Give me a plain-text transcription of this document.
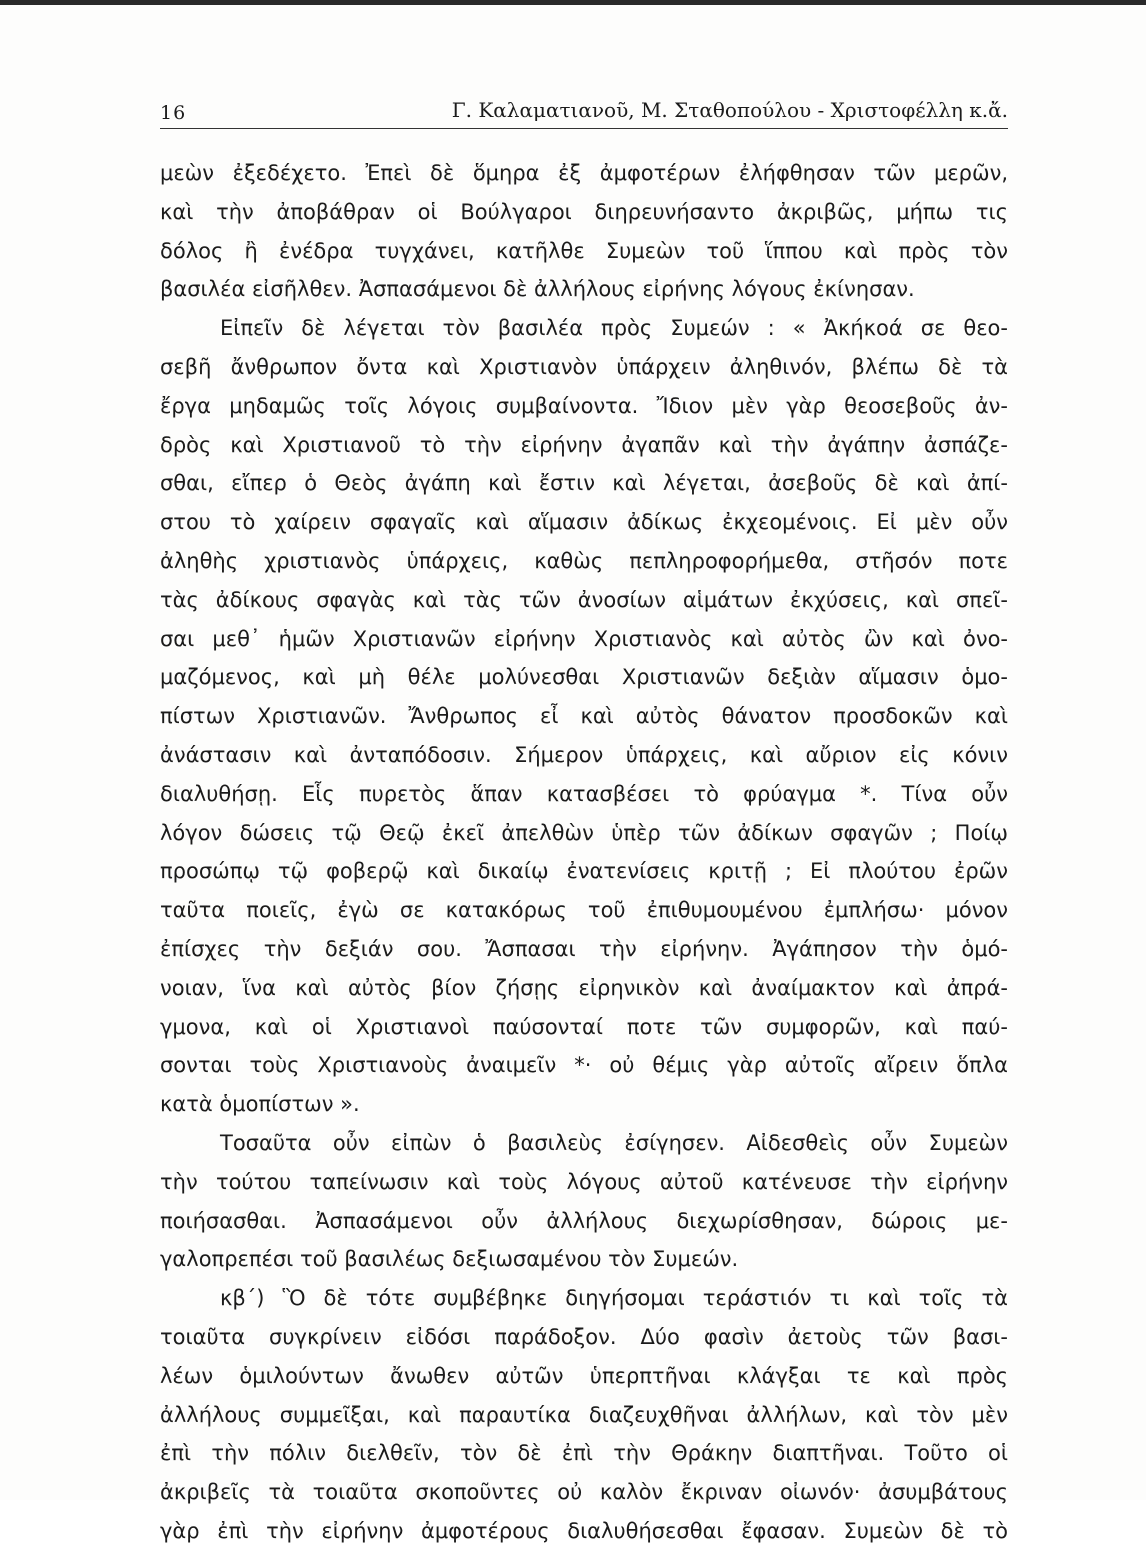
16	Γ. Καλαματιανοῦ, Μ. Σταθοπούλου - Χριστοφέλλη κ.ἄ.
μεὼν ἐξεδέχετο. Ἐπεὶ δὲ ὅμηρα ἐξ ἀμφοτέρων ἐλήφθησαν τῶν μερῶν,
καὶ τὴν ἀποβάθραν οἱ Βούλγαροι διηρευνήσαντο ἀκριβῶς, μήπω τις
δόλος ἢ ἐνέδρα τυγχάνει, κατῆλθε Συμεὼν τοῦ ἵππου καὶ πρὸς τὸν
βασιλέα εἰσῆλθεν. Ἀσπασάμενοι δὲ ἀλλήλους εἰρήνης λόγους ἐκίνησαν.
Εἰπεῖν δὲ λέγεται τὸν βασιλέα πρὸς Συμεών : « Ἀκήκοά σε θεο-
σεβῆ ἄνθρωπον ὄντα καὶ Χριστιανὸν ὑπάρχειν ἀληθινόν, βλέπω δὲ τὰ
ἔργα μηδαμῶς τοῖς λόγοις συμβαίνοντα. Ἴδιον μὲν γὰρ θεοσεβοῦς ἀν-
δρὸς καὶ Χριστιανοῦ τὸ τὴν εἰρήνην ἀγαπᾶν καὶ τὴν ἀγάπην ἀσπάζε-
σθαι, εἴπερ ὁ Θεὸς ἀγάπη καὶ ἔστιν καὶ λέγεται, ἀσεβοῦς δὲ καὶ ἀπί-
στου τὸ χαίρειν σφαγαῖς καὶ αἵμασιν ἀδίκως ἐκχεομένοις. Εἰ μὲν οὖν
ἀληθὴς χριστιανὸς ὑπάρχεις, καθὼς πεπληροφορήμεθα, στῆσόν ποτε
τὰς ἀδίκους σφαγὰς καὶ τὰς τῶν ἀνοσίων αἱμάτων ἐκχύσεις, καὶ σπεῖ-
σαι μεθ᾿ ἡμῶν Χριστιανῶν εἰρήνην Χριστιανὸς καὶ αὐτὸς ὢν καὶ ὀνο-
μαζόμενος, καὶ μὴ θέλε μολύνεσθαι Χριστιανῶν δεξιὰν αἵμασιν ὁμο-
πίστων Χριστιανῶν. Ἄνθρωπος εἶ καὶ αὐτὸς θάνατον προσδοκῶν καὶ
ἀνάστασιν καὶ ἀνταπόδοσιν. Σήμερον ὑπάρχεις, καὶ αὔριον εἰς κόνιν
διαλυθήσῃ. Εἷς πυρετὸς ἅπαν κατασβέσει τὸ φρύαγμα *. Τίνα οὖν
λόγον δώσεις τῷ Θεῷ ἐκεῖ ἀπελθὼν ὑπὲρ τῶν ἀδίκων σφαγῶν ; Ποίῳ
προσώπῳ τῷ φοβερῷ καὶ δικαίῳ ἐνατενίσεις κριτῇ ; Εἰ πλούτου ἐρῶν
ταῦτα ποιεῖς, ἐγὼ σε κατακόρως τοῦ ἐπιθυμουμένου ἐμπλήσω· μόνον
ἐπίσχες τὴν δεξιάν σου. Ἄσπασαι τὴν εἰρήνην. Ἀγάπησον τὴν ὁμό-
νοιαν, ἵνα καὶ αὐτὸς βίον ζήσῃς εἰρηνικὸν καὶ ἀναίμακτον καὶ ἀπρά-
γμονα, καὶ οἱ Χριστιανοὶ παύσονταί ποτε τῶν συμφορῶν, καὶ παύ-
σονται τοὺς Χριστιανοὺς ἀναιμεῖν *· οὐ θέμις γὰρ αὐτοῖς αἴρειν ὅπλα
κατὰ ὁμοπίστων ».
Τοσαῦτα οὖν εἰπὼν ὁ βασιλεὺς ἐσίγησεν. Αἰδεσθεὶς οὖν Συμεὼν
τὴν τούτου ταπείνωσιν καὶ τοὺς λόγους αὐτοῦ κατένευσε τὴν εἰρήνην
ποιήσασθαι. Ἀσπασάμενοι οὖν ἀλλήλους διεχωρίσθησαν, δώροις με-
γαλοπρεπέσι τοῦ βασιλέως δεξιωσαμένου τὸν Συμεών.
κβ΄) Ὃ δὲ τότε συμβέβηκε διηγήσομαι τεράστιόν τι καὶ τοῖς τὰ
τοιαῦτα συγκρίνειν εἰδόσι παράδοξον. Δύο φασὶν ἀετοὺς τῶν βασι-
λέων ὁμιλούντων ἄνωθεν αὐτῶν ὑπερπτῆναι κλάγξαι τε καὶ πρὸς
ἀλλήλους συμμεῖξαι, καὶ παραυτίκα διαζευχθῆναι ἀλλήλων, καὶ τὸν μὲν
ἐπὶ τὴν πόλιν διελθεῖν, τὸν δὲ ἐπὶ τὴν Θράκην διαπτῆναι. Τοῦτο οἱ
ἀκριβεῖς τὰ τοιαῦτα σκοποῦντες οὐ καλὸν ἔκριναν οἰωνόν· ἀσυμβάτους
γὰρ ἐπὶ τὴν εἰρήνην ἀμφοτέρους διαλυθήσεσθαι ἔφασαν. Συμεὼν δὲ τὸ
